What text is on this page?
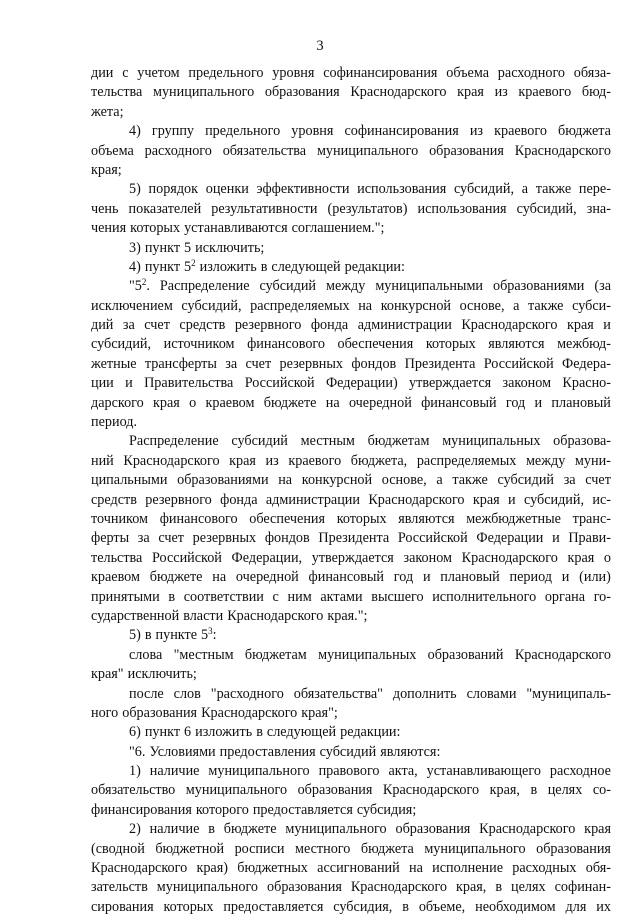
3
дии с учетом предельного уровня софинансирования объема расходного обяза-
тельства муниципального образования Краснодарского края из краевого бюд-
жета;
4) группу предельного уровня софинансирования из краевого бюджета
объема расходного обязательства муниципального образования Краснодарского
края;
5) порядок оценки эффективности использования субсидий, а также пере-
чень показателей результативности (результатов) использования субсидий, зна-
чения которых устанавливаются соглашением.";
3) пункт 5 исключить;
4) пункт $5^2$ изложить в следующей редакции:
"$5^2$. Распределение субсидий между муниципальными образованиями (за
исключением субсидий, распределяемых на конкурсной основе, а также субси-
дий за счет средств резервного фонда администрации Краснодарского края и
субсидий, источником финансового обеспечения которых являются межбюд-
жетные трансферты за счет резервных фондов Президента Российской Федера-
ции и Правительства Российской Федерации) утверждается законом Красно-
дарского края о краевом бюджете на очередной финансовый год и плановый
период.
Распределение субсидий местным бюджетам муниципальных образова-
ний Краснодарского края из краевого бюджета, распределяемых между муни-
ципальными образованиями на конкурсной основе, а также субсидий за счет
средств резервного фонда администрации Краснодарского края и субсидий, ис-
точником финансового обеспечения которых являются межбюджетные транс-
ферты за счет резервных фондов Президента Российской Федерации и Прави-
тельства Российской Федерации, утверждается законом Краснодарского края о
краевом бюджете на очередной финансовый год и плановый период и (или)
принятыми в соответствии с ним актами высшего исполнительного органа го-
сударственной власти Краснодарского края.";
5) в пункте $5^3$:
слова "местным бюджетам муниципальных образований Краснодарского
края" исключить;
после слов "расходного обязательства" дополнить словами "муниципаль-
ного образования Краснодарского края";
6) пункт 6 изложить в следующей редакции:
"6. Условиями предоставления субсидий являются:
1) наличие муниципального правового акта, устанавливающего расходное
обязательство муниципального образования Краснодарского края, в целях со-
финансирования которого предоставляется субсидия;
2) наличие в бюджете муниципального образования Краснодарского края
(сводной бюджетной росписи местного бюджета муниципального образования
Краснодарского края) бюджетных ассигнований на исполнение расходных обя-
зательств муниципального образования Краснодарского края, в целях софинан-
сирования которых предоставляется субсидия, в объеме, необходимом для их
